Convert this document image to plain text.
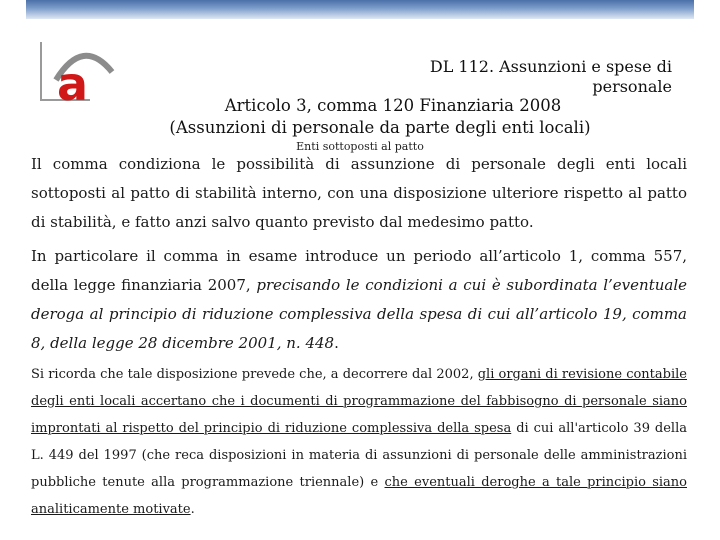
a	DL 112. Assunzioni e spese di personale
Articolo 3, comma 120 Finanziaria 2008
(Assunzioni di personale da parte degli enti locali)
Enti sottoposti al patto

Il comma condiziona le possibilità di assunzione di personale degli enti locali sottoposti al patto di stabilità interno, con una disposizione ulteriore rispetto al patto di stabilità, e fatto anzi salvo quanto previsto dal medesimo patto.

In particolare il comma in esame introduce un periodo all’articolo 1, comma 557, della legge finanziaria 2007, precisando le condizioni a cui è subordinata l’eventuale deroga al principio di riduzione complessiva della spesa di cui all’articolo 19, comma 8, della legge 28 dicembre 2001, n. 448.

Si ricorda che tale disposizione prevede che, a decorrere dal 2002, gli organi di revisione contabile degli enti locali accertano che i documenti di programmazione del fabbisogno di personale siano improntati al rispetto del principio di riduzione complessiva della spesa di cui all'articolo 39 della L. 449 del 1997 (che reca disposizioni in materia di assunzioni di personale delle amministrazioni pubbliche tenute alla programmazione triennale) e che eventuali deroghe a tale principio siano analiticamente motivate.
